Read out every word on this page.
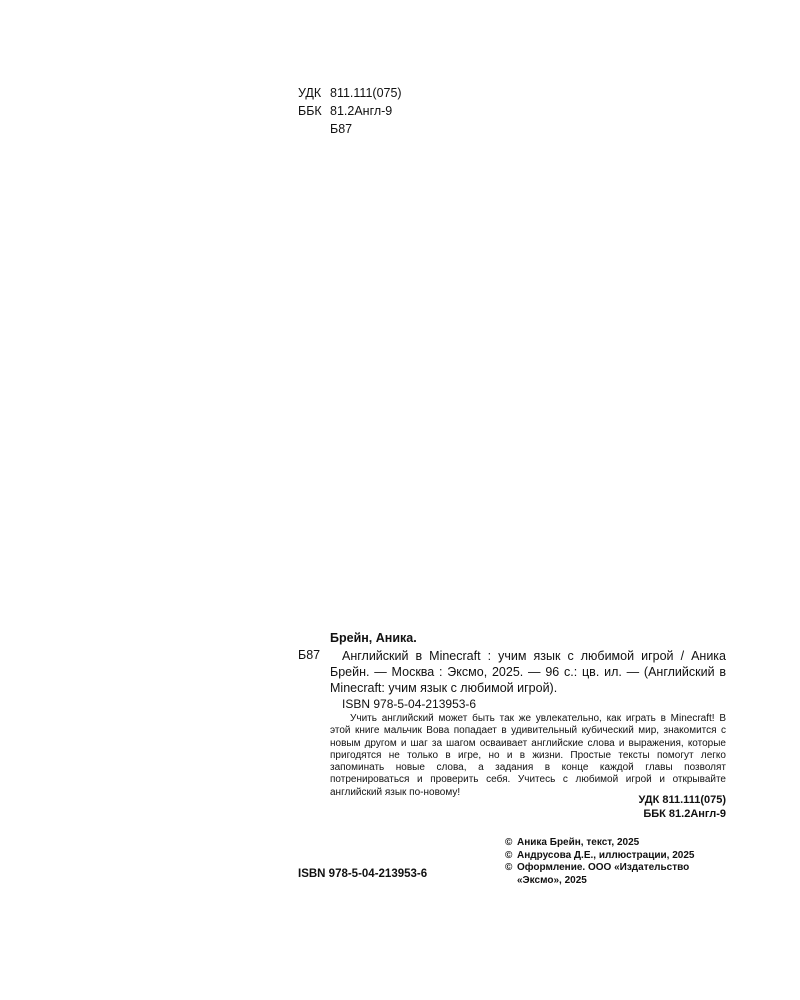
УДК 811.111(075)
ББК 81.2Англ-9
Б87
Брейн, Аника.
Б87	Английский в Minecraft : учим язык с любимой игрой / Аника Брейн. — Москва : Эксмо, 2025. — 96 с.: цв. ил. — (Английский в Minecraft: учим язык с любимой игрой).
ISBN 978-5-04-213953-6
Учить английский может быть так же увлекательно, как играть в Minecraft! В этой книге мальчик Вова попадает в удивительный кубический мир, знакомится с новым другом и шаг за шагом осваивает английские слова и выражения, которые пригодятся не только в игре, но и в жизни. Простые тексты помогут легко запоминать новые слова, а задания в конце каждой главы позволят потренироваться и проверить себя. Учитесь с любимой игрой и открывайте английский язык по-новому!
УДК 811.111(075)
ББК 81.2Англ-9
© Аника Брейн, текст, 2025
© Андрусова Д.Е., иллюстрации, 2025
© Оформление. ООО «Издательство «Эксмо», 2025
ISBN 978-5-04-213953-6
